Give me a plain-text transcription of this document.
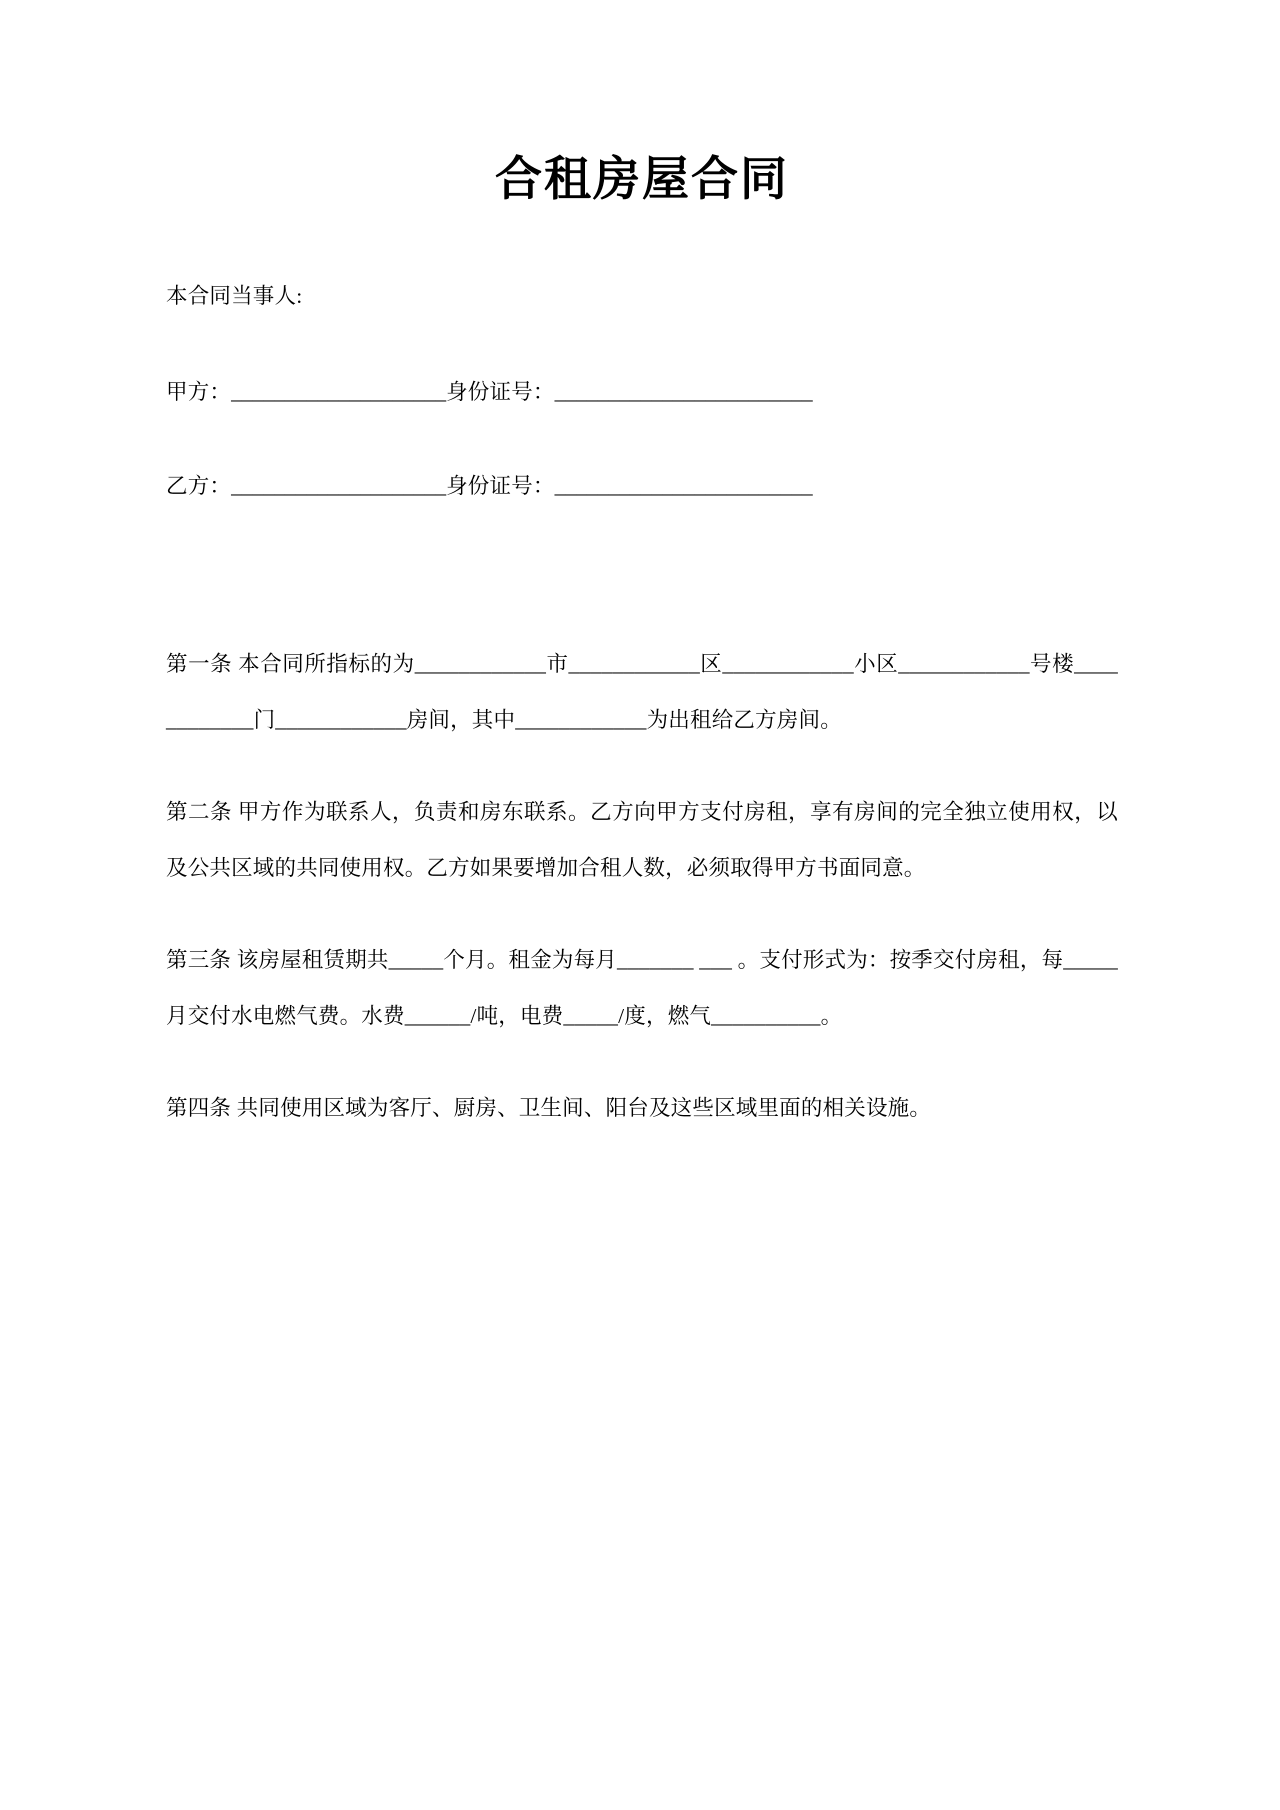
合租房屋合同

本合同当事人:

甲方：____________________身份证号：________________________

乙方：____________________身份证号：________________________

第一条 本合同所指标的为____________市____________区____________小区____________号楼____________门____________房间，其中____________为出租给乙方房间。

第二条 甲方作为联系人，负责和房东联系。乙方向甲方支付房租，享有房间的完全独立使用权，以及公共区域的共同使用权。乙方如果要增加合租人数，必须取得甲方书面同意。

第三条 该房屋租赁期共_____个月。租金为每月_______ ___ 。支付形式为：按季交付房租，每_____月交付水电燃气费。水费______/吨，电费_____/度，燃气__________。

第四条 共同使用区域为客厅、厨房、卫生间、阳台及这些区域里面的相关设施。
